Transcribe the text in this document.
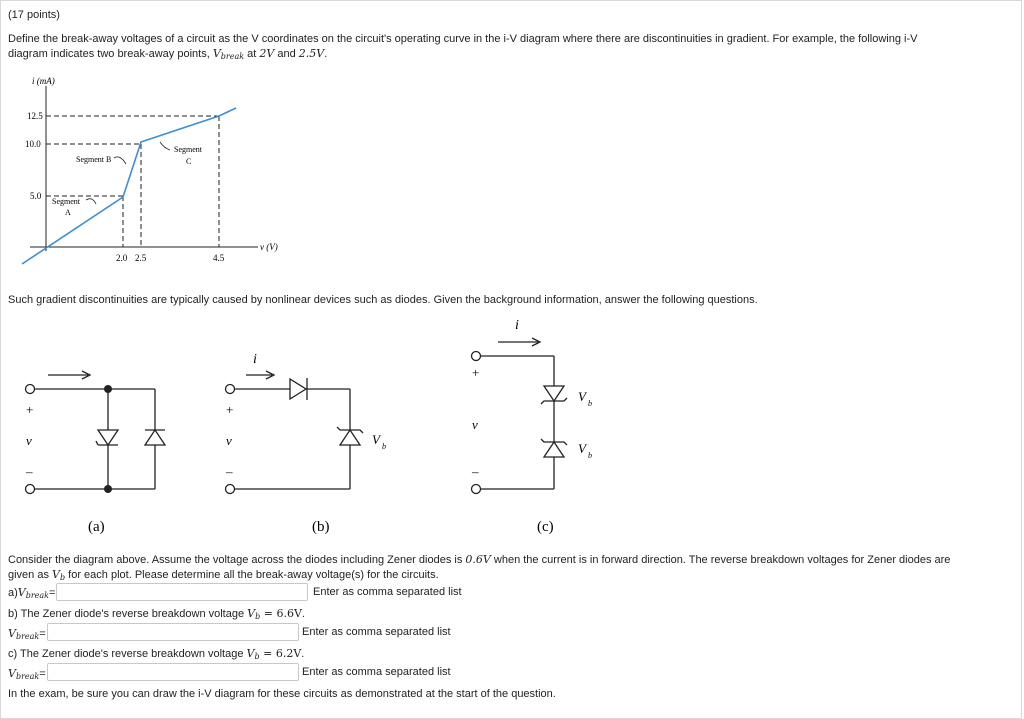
(17 points)
Define the break-away voltages of a circuit as the V coordinates on the circuit's operating curve in the i-V diagram where there are discontinuities in gradient. For example, the following i-V
diagram indicates two break-away points, $V_{break}$ at 2V and 2.5V.
i (mA)
v (V)
12.5
10.0
5.0
2.0 2.5	4.5
Segment
A
Segment B
Segment
C
Such gradient discontinuities are typically caused by nonlinear devices such as diodes. Given the background information, answer the following questions.
+
v
–
(a)
i
+
v
–
V b
(b)
i
+
v
–
V b
V b
(c)
Consider the diagram above. Assume the voltage across the diodes including Zener diodes is 0.6V when the current is in forward direction. The reverse breakdown voltages for Zener diodes are
given as $V_b$ for each plot. Please determine all the break-away voltage(s) for the circuits.
$a)V_{break}=$	Enter as comma separated list
b) The Zener diode's reverse breakdown voltage $V_b = 6.6V$.
$V_{break}=$	Enter as comma separated list
c) The Zener diode's reverse breakdown voltage $V_b = 6.2V$.
$V_{break}=$	Enter as comma separated list
In the exam, be sure you can draw the i-V diagram for these circuits as demonstrated at the start of the question.
